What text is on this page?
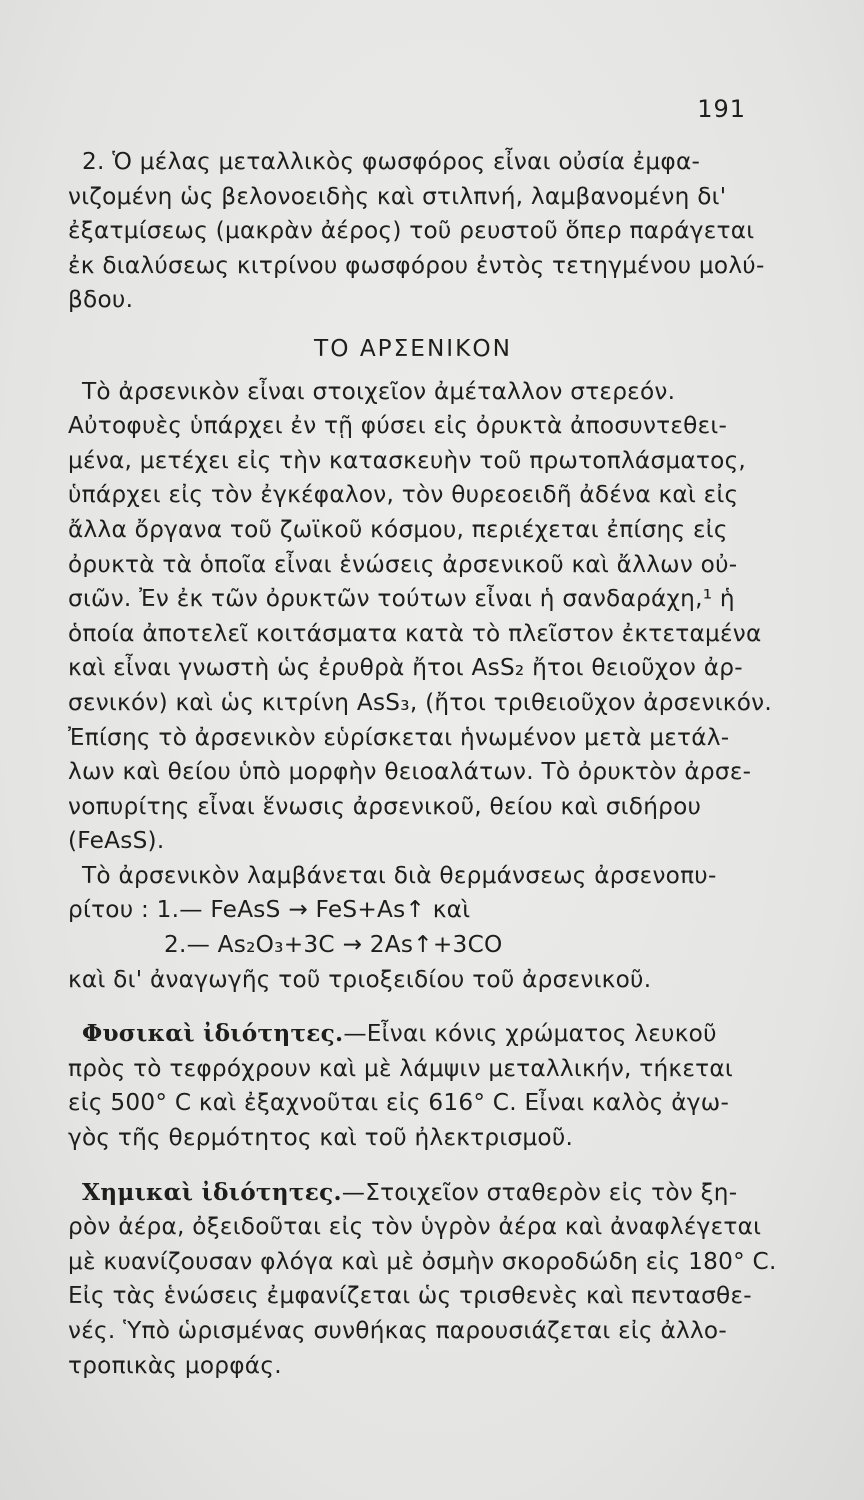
191
2. Ὁ μέλας μεταλλικὸς φωσφόρος εἶναι οὐσία ἐμφα-
νιζομένη ὡς βελονοειδὴς καὶ στιλπνή, λαμβανομένη δι'
ἐξατμίσεως (μακρὰν ἀέρος) τοῦ ρευστοῦ ὅπερ παράγεται
ἐκ διαλύσεως κιτρίνου φωσφόρου ἐντὸς τετηγμένου μολύ-
βδου.
ΤΟ ΑΡΣΕΝΙΚΟΝ
Τὸ ἀρσενικὸν εἶναι στοιχεῖον ἀμέταλλον στερεόν.
Αὐτοφυὲς ὑπάρχει ἐν τῇ φύσει εἰς ὀρυκτὰ ἀποσυντεθει-
μένα, μετέχει εἰς τὴν κατασκευὴν τοῦ πρωτοπλάσματος,
ὑπάρχει εἰς τὸν ἐγκέφαλον, τὸν θυρεοειδῆ ἀδένα καὶ εἰς
ἄλλα ὄργανα τοῦ ζωϊκοῦ κόσμου, περιέχεται ἐπίσης εἰς
ὀρυκτὰ τὰ ὁποῖα εἶναι ἑνώσεις ἀρσενικοῦ καὶ ἄλλων οὐ-
σιῶν. Ἐν ἐκ τῶν ὀρυκτῶν τούτων εἶναι ἡ σανδαράχη,¹ ἡ
ὁποία ἀποτελεῖ κοιτάσματα κατὰ τὸ πλεῖστον ἐκτεταμένα
καὶ εἶναι γνωστὴ ὡς ἐρυθρὰ ἤτοι AsS₂ ἤτοι θειοῦχον ἀρ-
σενικόν) καὶ ὡς κιτρίνη AsS₃, (ἤτοι τριθειοῦχον ἀρσενικόν.
Ἐπίσης τὸ ἀρσενικὸν εὑρίσκεται ἡνωμένον μετὰ μετάλ-
λων καὶ θείου ὑπὸ μορφὴν θειοαλάτων. Τὸ ὀρυκτὸν ἀρσε-
νοπυρίτης εἶναι ἕνωσις ἀρσενικοῦ, θείου καὶ σιδήρου
(FeAsS).
Τὸ ἀρσενικὸν λαμβάνεται διὰ θερμάνσεως ἀρσενοπυ-
ρίτου : 1.— FeAsS → FeS+As↑ καὶ
2.— As₂O₃+3C → 2As↑+3CO
καὶ δι' ἀναγωγῆς τοῦ τριοξειδίου τοῦ ἀρσενικοῦ.
Φυσικαὶ ἰδιότητες.—Εἶναι κόνις χρώματος λευκοῦ
πρὸς τὸ τεφρόχρουν καὶ μὲ λάμψιν μεταλλικήν, τήκεται
εἰς 500° C καὶ ἐξαχνοῦται εἰς 616° C. Εἶναι καλὸς ἀγω-
γὸς τῆς θερμότητος καὶ τοῦ ἠλεκτρισμοῦ.
Χημικαὶ ἰδιότητες.—Στοιχεῖον σταθερὸν εἰς τὸν ξη-
ρὸν ἀέρα, ὀξειδοῦται εἰς τὸν ὑγρὸν ἀέρα καὶ ἀναφλέγεται
μὲ κυανίζουσαν φλόγα καὶ μὲ ὀσμὴν σκοροδώδη εἰς 180° C.
Εἰς τὰς ἑνώσεις ἐμφανίζεται ὡς τρισθενὲς καὶ πεντασθε-
νές. Ὑπὸ ὡρισμένας συνθήκας παρουσιάζεται εἰς ἀλλο-
τροπικὰς μορφάς.
